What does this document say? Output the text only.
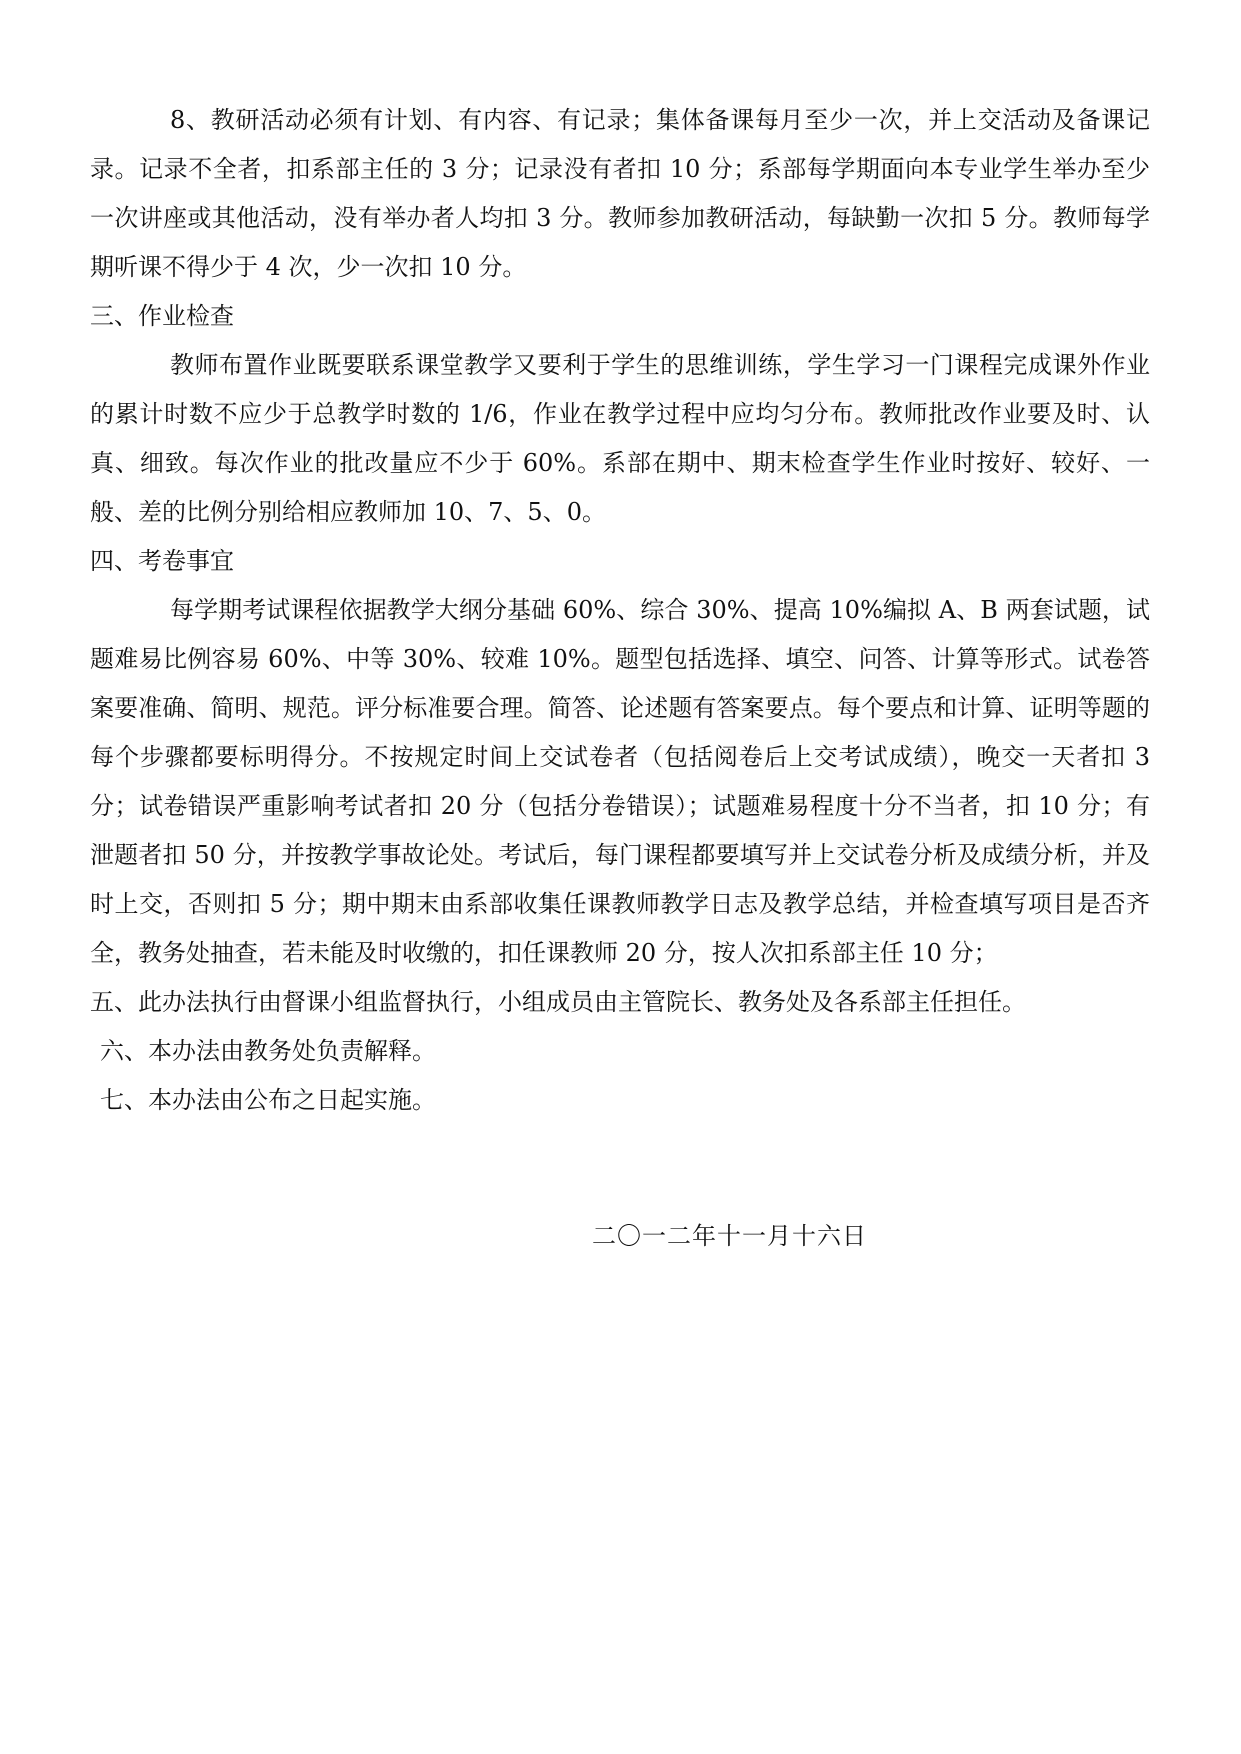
8、教研活动必须有计划、有内容、有记录；集体备课每月至少一次，并上交活动及备课记录。记录不全者，扣系部主任的 3 分；记录没有者扣 10 分；系部每学期面向本专业学生举办至少一次讲座或其他活动，没有举办者人均扣 3 分。教师参加教研活动，每缺勤一次扣 5 分。教师每学期听课不得少于 4 次，少一次扣 10 分。

三、作业检查

教师布置作业既要联系课堂教学又要利于学生的思维训练，学生学习一门课程完成课外作业的累计时数不应少于总教学时数的 1/6，作业在教学过程中应均匀分布。教师批改作业要及时、认真、细致。每次作业的批改量应不少于 60%。系部在期中、期末检查学生作业时按好、较好、一般、差的比例分别给相应教师加 10、7、5、0。

四、考卷事宜

每学期考试课程依据教学大纲分基础 60%、综合 30%、提高 10%编拟 A、B 两套试题，试题难易比例容易 60%、中等 30%、较难 10%。题型包括选择、填空、问答、计算等形式。试卷答案要准确、简明、规范。评分标准要合理。简答、论述题有答案要点。每个要点和计算、证明等题的每个步骤都要标明得分。不按规定时间上交试卷者（包括阅卷后上交考试成绩），晚交一天者扣 3 分；试卷错误严重影响考试者扣 20 分（包括分卷错误）；试题难易程度十分不当者，扣 10 分；有泄题者扣 50 分，并按教学事故论处。考试后，每门课程都要填写并上交试卷分析及成绩分析，并及时上交，否则扣 5 分；期中期末由系部收集任课教师教学日志及教学总结，并检查填写项目是否齐全，教务处抽查，若未能及时收缴的，扣任课教师 20 分，按人次扣系部主任 10 分；

五、此办法执行由督课小组监督执行，小组成员由主管院长、教务处及各系部主任担任。

六、本办法由教务处负责解释。

七、本办法由公布之日起实施。

二〇一二年十一月十六日
